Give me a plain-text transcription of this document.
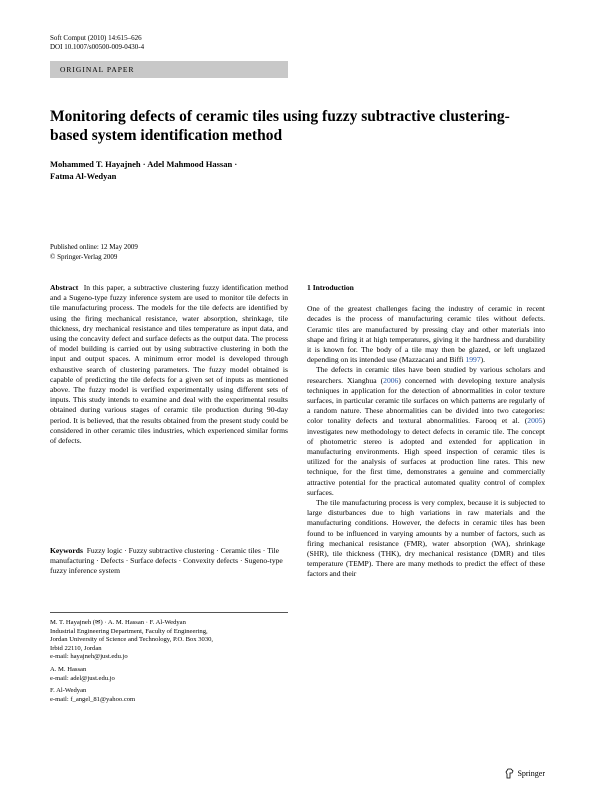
Soft Comput (2010) 14:615–626
DOI 10.1007/s00500-009-0430-4
ORIGINAL PAPER
Monitoring defects of ceramic tiles using fuzzy subtractive clustering-based system identification method
Mohammed T. Hayajneh · Adel Mahmood Hassan ·
Fatma Al-Wedyan
Published online: 12 May 2009
© Springer-Verlag 2009

Abstract In this paper, a subtractive clustering fuzzy identification method and a Sugeno-type fuzzy inference system are used to monitor tile defects in tile manufacturing process. The models for the tile defects are identified by using the firing mechanical resistance, water absorption, shrinkage, tile thickness, dry mechanical resistance and tiles temperature as input data, and using the concavity defect and surface defects as the output data. The process of model building is carried out by using subtractive clustering in both the input and output spaces. A minimum error model is developed through exhaustive search of clustering parameters. The fuzzy model obtained is capable of predicting the tile defects for a given set of inputs as mentioned above. The fuzzy model is verified experimentally using different sets of inputs. This study intends to examine and deal with the experimental results obtained during various stages of ceramic tile production during 90-day period. It is believed, that the results obtained from the present study could be considered in other ceramic tiles industries, which experienced similar forms of defects.

Keywords Fuzzy logic · Fuzzy subtractive clustering · Ceramic tiles · Tile manufacturing · Defects · Surface defects · Convexity defects · Sugeno-type fuzzy inference system

M. T. Hayajneh (✉) · A. M. Hassan · F. Al-Wedyan
Industrial Engineering Department, Faculty of Engineering,
Jordan University of Science and Technology, P.O. Box 3030,
Irbid 22110, Jordan
e-mail: hayajneh@just.edu.jo

A. M. Hassan
e-mail: adel@just.edu.jo

F. Al-Wedyan
e-mail: f_angel_81@yahoo.com

1 Introduction

One of the greatest challenges facing the industry of ceramic in recent decades is the process of manufacturing ceramic tiles without defects. Ceramic tiles are manufactured by pressing clay and other materials into shape and firing it at high temperatures, giving it the hardness and durability it is known for. The body of a tile may then be glazed, or left unglazed depending on its intended use (Mazzacani and Biffi 1997).

The defects in ceramic tiles have been studied by various scholars and researchers. Xianghua (2006) concerned with developing texture analysis techniques in application for the detection of abnormalities in color texture surfaces, in particular ceramic tile surfaces on which patterns are regularly of a random nature. These abnormalities can be divided into two categories: color tonality defects and textural abnormalities. Farooq et al. (2005) investigates new methodology to detect defects in ceramic tile. The concept of photometric stereo is adopted and extended for application in manufacturing environments. High speed inspection of ceramic tiles is utilized for the analysis of surfaces at production line rates. This new technique, for the first time, demonstrates a genuine and commercially attractive potential for the practical automated quality control of complex surfaces.

The tile manufacturing process is very complex, because it is subjected to large disturbances due to high variations in raw materials and the manufacturing conditions. However, the defects in ceramic tiles has been found to be influenced in varying amounts by a number of factors, such as firing mechanical resistance (FMR), water absorption (WA), shrinkage (SHR), tile thickness (THK), dry mechanical resistance (DMR) and tiles temperature (TEMP). There are many methods to predict the effect of these factors and their

Springer
